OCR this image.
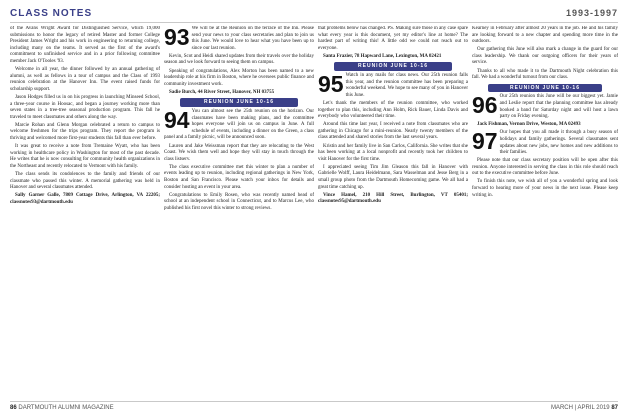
CLASS NOTES	1993-1997

of the Avans Wright Award for Distinguished Service, which 19,000 submissions to honor the legacy of retired Master and former College President James Wright and his work in engineering to returning college, including many on the teams. It served as the first of the award's commitment to unfinished service and in a prior following committee member Jack O'Tooles '93.

Welcome in all year, the dinner followed by an annual gathering of alumni, as well as fellows in a tour of campus and the Class of 1993 reunion celebration at the Hanover Inn. The event raised funds for scholarship support.

Jason Hodges filled us in on his progress in launching Minseed School, a three-year course in Hoosac, and began a journey working more than seven states in a tree-tree seasonal production program. This fall he traveled to meet classmates and others along the way.

Marcie Rohan and Glenn Morgan celebrated a return to campus to welcome freshmen for the trips program. They report the program is thriving and welcomed more first-year students this fall than ever before.

It was great to receive a note from Tremaine Wyatt, who has been working in healthcare policy in Washington for most of the past decade. He writes that he is now consulting for community health organizations in the Northeast and recently relocated to Vermont with his family.

The class sends its condolences to the family and friends of our classmate who passed this winter. A memorial gathering was held in Hanover and several classmates attended.

Sally Garner Galle, 7809 Cottage Drive, Arlington, VA 22205; classnotes93@dartmouth.edu

93 We will be at the Reunion on the terrace of the Inn. Please send your news to your class secretaries and plan to join us this June. We would love to hear what you have been up to since our last reunion.

Kevin, Scot and Heidi shared updates from their travels over the holiday season and we look forward to seeing them on campus.

Speaking of congratulations, Alex Morton has been named to a new leadership role at his firm in Boston, where he oversees public finance and community investment work.

Sadie Burch, 44 River Street, Hanover, NH 03755

REUNION JUNE 10-16
94 You can almost see the 25th reunion on the horizon. Our classmates have been making plans, and the committee hopes everyone will join us on campus in June. A full schedule of events, including a dinner on the Green, a class panel and a family picnic, will be announced soon.

Lauren and Jake Weissman report that they are relocating to the West Coast. We wish them well and hope they will stay in touch through the class listserv.

The class executive committee met this winter to plan a number of events leading up to reunion, including regional gatherings in New York, Boston and San Francisco. Please watch your inbox for details and consider hosting an event in your area.

Congratulations to Emily Rosen, who was recently named head of school at an independent school in Connecticut, and to Marcus Lee, who published his first novel this winter to strong reviews.

that problems below has changed. PS. Making sure those in any case spare what every year is this document, yet my editor's line at home? The hardest part of writing this! A little odd we could not reach out to everyone.

Santa Frazier, 78 Hapward Lane, Lexington, MA 02421

REUNION JUNE 10-16
95 Watch in any mails for class news. Our 25th reunion falls this year, and the reunion committee has been preparing a wonderful weekend. We hope to see many of you in Hanover this June.

Let's thank the members of the reunion committee, who worked together to plan this, including Ann Holm, Rick Bauer, Linda Davis and everybody who volunteered their time.

Around this time last year, I received a note from classmates who are gathering in Chicago for a mini-reunion. Nearly twenty members of the class attended and shared stories from the last several years.

Kristin and her family live in San Carlos, California. She writes that she has been working at a local nonprofit and recently took her children to visit Hanover for the first time.

I appreciated seeing Tim Jim Gleason this fall in Hanover with Gabrielle Wolff, Laura Heidelmann, Sara Wasselman and Jesse Berg in a small group photo from the Dartmouth Homecoming game. We all had a great time catching up.

Vince Hamel, 210 Hill Street, Burlington, VT 05401; classnotes95@dartmouth.edu

Kearney in February after almost 20 years in the job. He and his family are looking forward to a new chapter and spending more time in the outdoors.

Our gathering this June will also mark a change in the guard for our class leadership. We thank our outgoing officers for their years of service.

Thanks to all who made it to the Dartmouth Night celebration this fall. We had a wonderful turnout from our class.

REUNION JUNE 10-16
96 Our 25th reunion this June will be our biggest yet. Jamie and Leslie report that the planning committee has already booked a band for Saturday night and will host a lawn party on Friday evening.

Jack Fishman, Vernon Drive, Weston, MA 02493

97 Our hopes that you all made it through a busy season of holidays and family gatherings. Several classmates sent updates about new jobs, new homes and new additions to their families.

Please note that our class secretary position will be open after this reunion. Anyone interested in serving the class in this role should reach out to the executive committee before June.

To finish this note, we wish all of you a wonderful spring and look forward to hearing more of your news in the next issue. Please keep writing in.

86 DARTMOUTH ALUMNI MAGAZINE	MARCH | APRIL 2019 87
